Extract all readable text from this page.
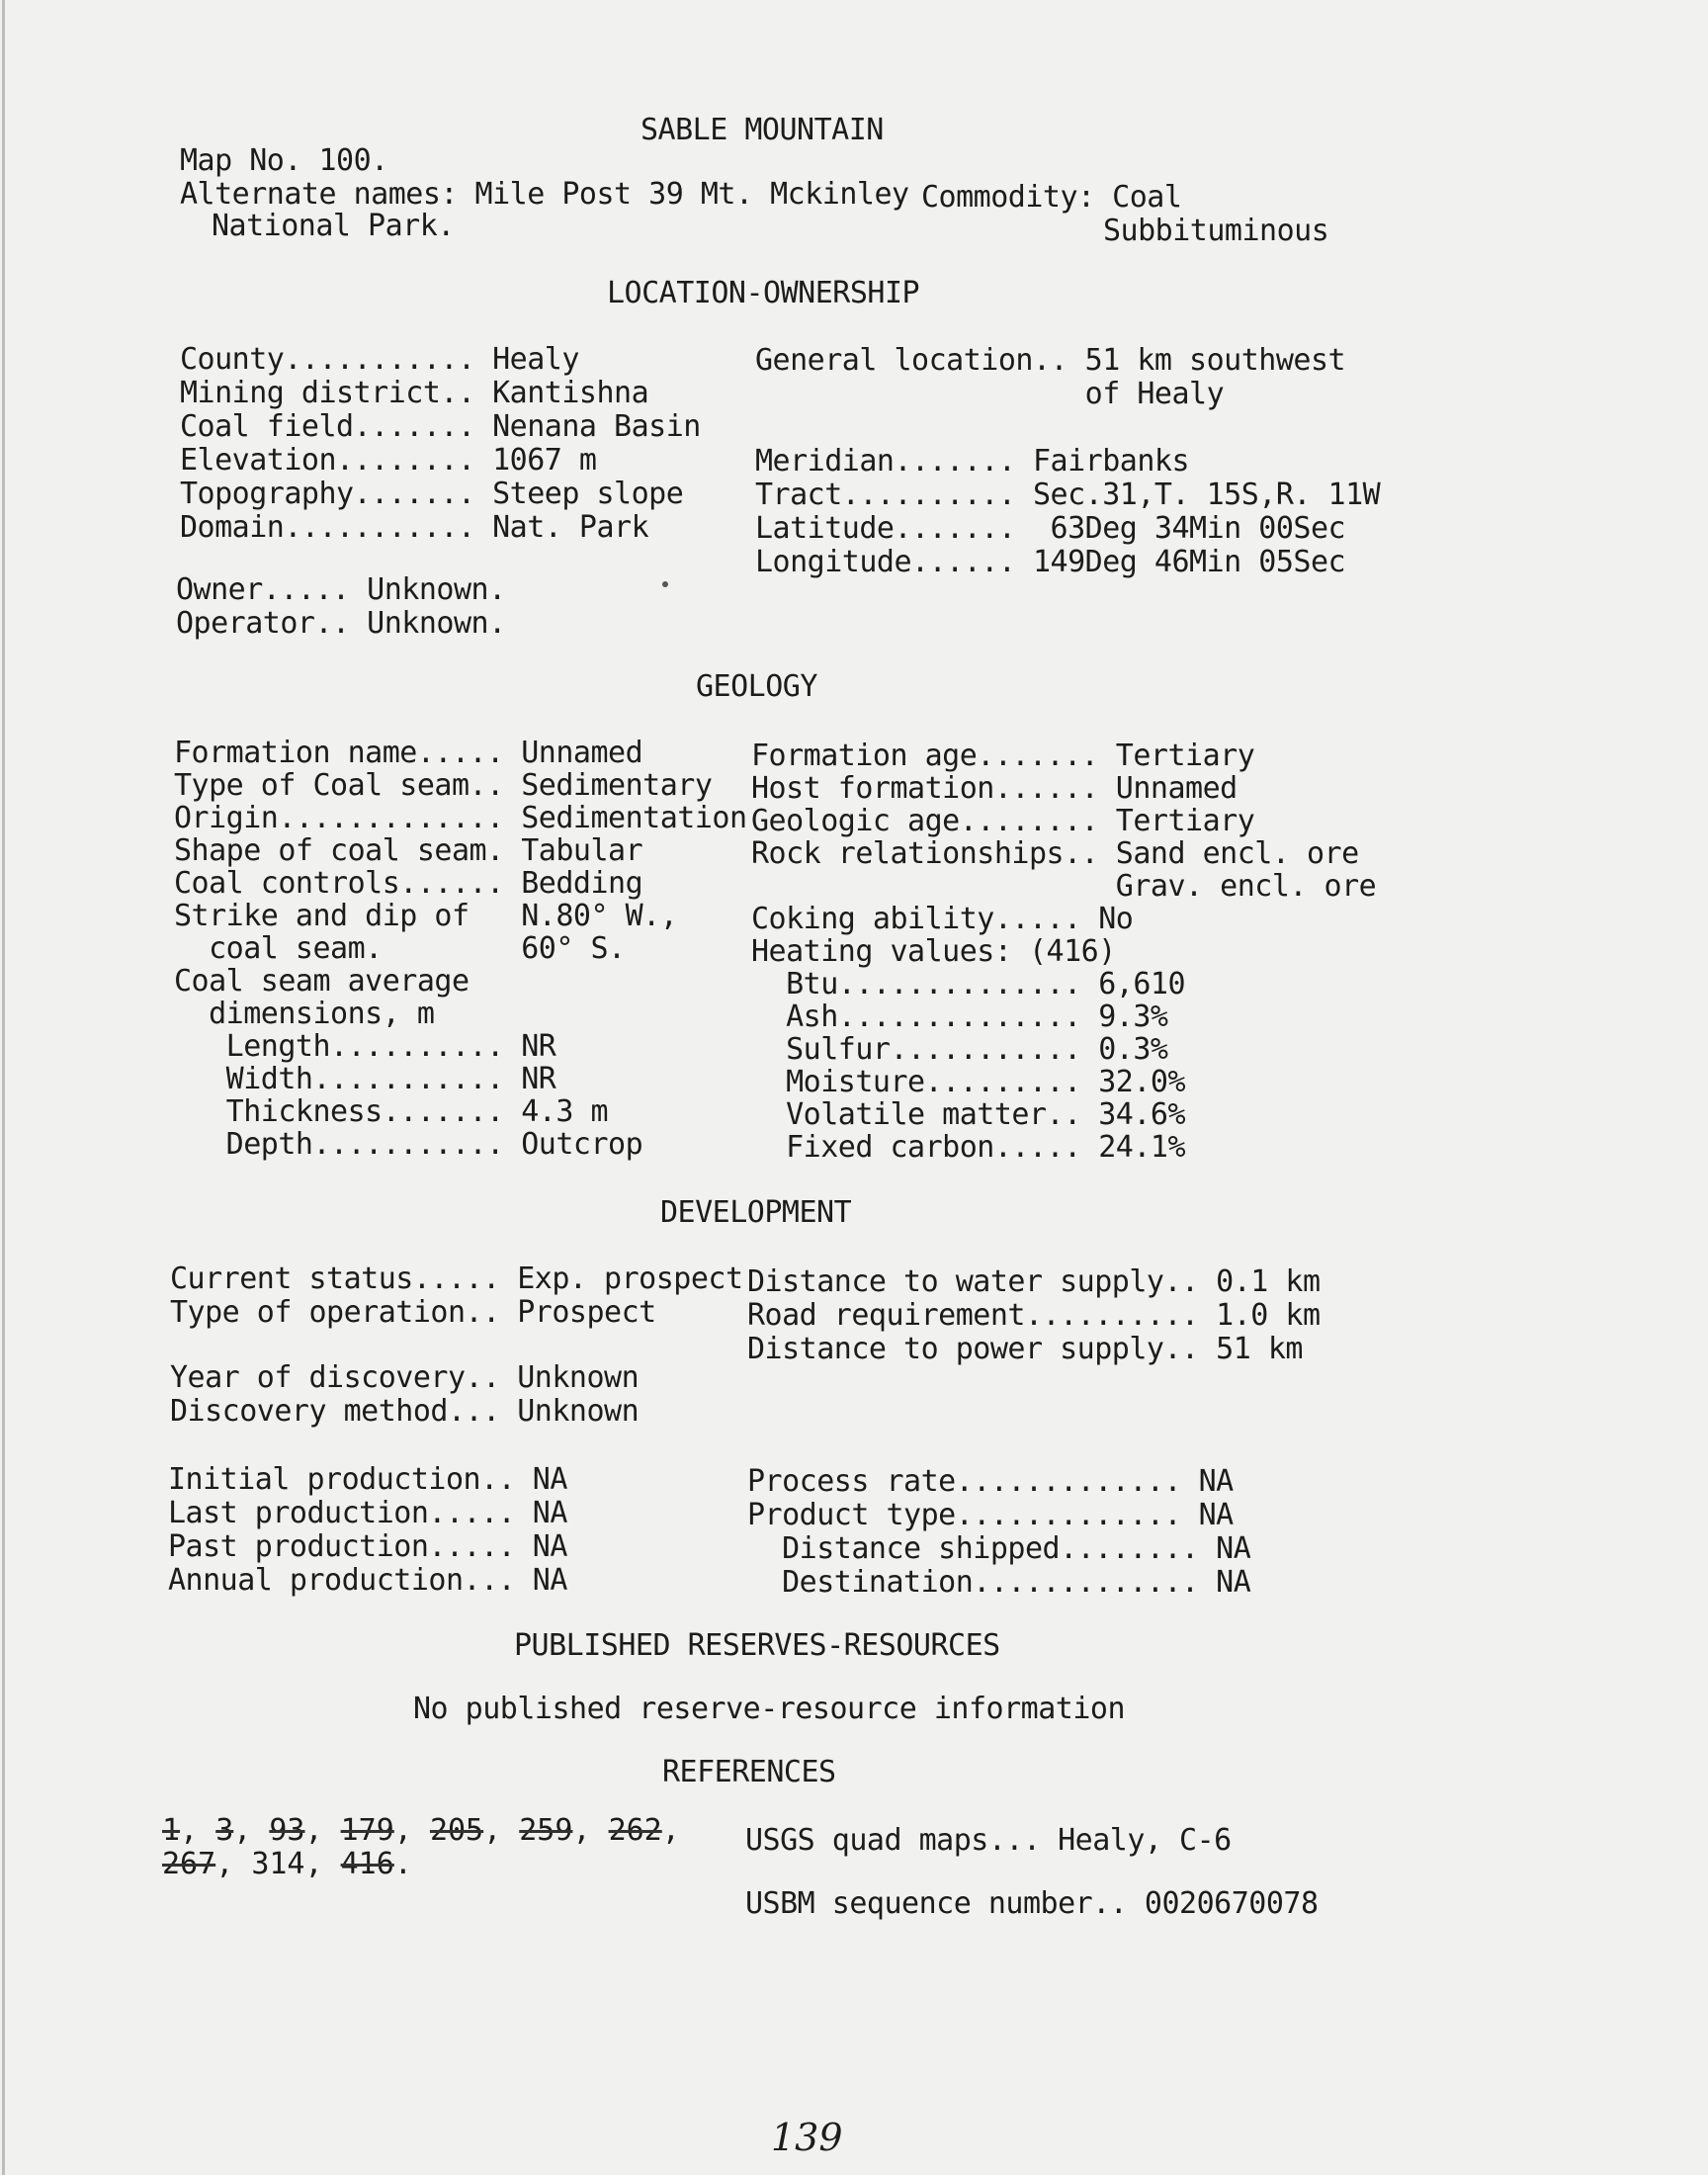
SABLE MOUNTAIN
Map No. 100.
Alternate names: Mile Post 39 Mt. Mckinley
National Park.
Commodity: Coal
Subbituminous
LOCATION-OWNERSHIP
County........... Healy
Mining district.. Kantishna
Coal field....... Nenana Basin
Elevation........ 1067 m
Topography....... Steep slope
Domain........... Nat. Park
General location.. 51 km southwest
of Healy
Meridian....... Fairbanks
Tract.......... Sec.31,T. 15S,R. 11W
Latitude.......  63Deg 34Min 00Sec
Longitude...... 149Deg 46Min 05Sec
Owner..... Unknown.
Operator.. Unknown.
GEOLOGY
Formation name..... Unnamed
Type of Coal seam.. Sedimentary
Origin............. Sedimentation
Shape of coal seam. Tabular
Coal controls...... Bedding
Strike and dip of   N.80° W.,
coal seam.        60° S.
Coal seam average
dimensions, m
Length.......... NR
Width........... NR
Thickness....... 4.3 m
Depth........... Outcrop
Formation age....... Tertiary
Host formation...... Unnamed
Geologic age........ Tertiary
Rock relationships.. Sand encl. ore
Grav. encl. ore
Coking ability..... No
Heating values: (416)
Btu.............. 6,610
Ash.............. 9.3%
Sulfur........... 0.3%
Moisture......... 32.0%
Volatile matter.. 34.6%
Fixed carbon..... 24.1%
DEVELOPMENT
Current status..... Exp. prospect
Type of operation.. Prospect
Year of discovery.. Unknown
Discovery method... Unknown
Distance to water supply.. 0.1 km
Road requirement.......... 1.0 km
Distance to power supply.. 51 km
Initial production.. NA
Last production..... NA
Past production..... NA
Annual production... NA
Process rate............. NA
Product type............. NA
Distance shipped........ NA
Destination............. NA
PUBLISHED RESERVES-RESOURCES
No published reserve-resource information
REFERENCES
1, 3, 93, 179, 205, 259, 262,
267, 314, 416.
USGS quad maps... Healy, C-6
USBM sequence number.. 0020670078
139
